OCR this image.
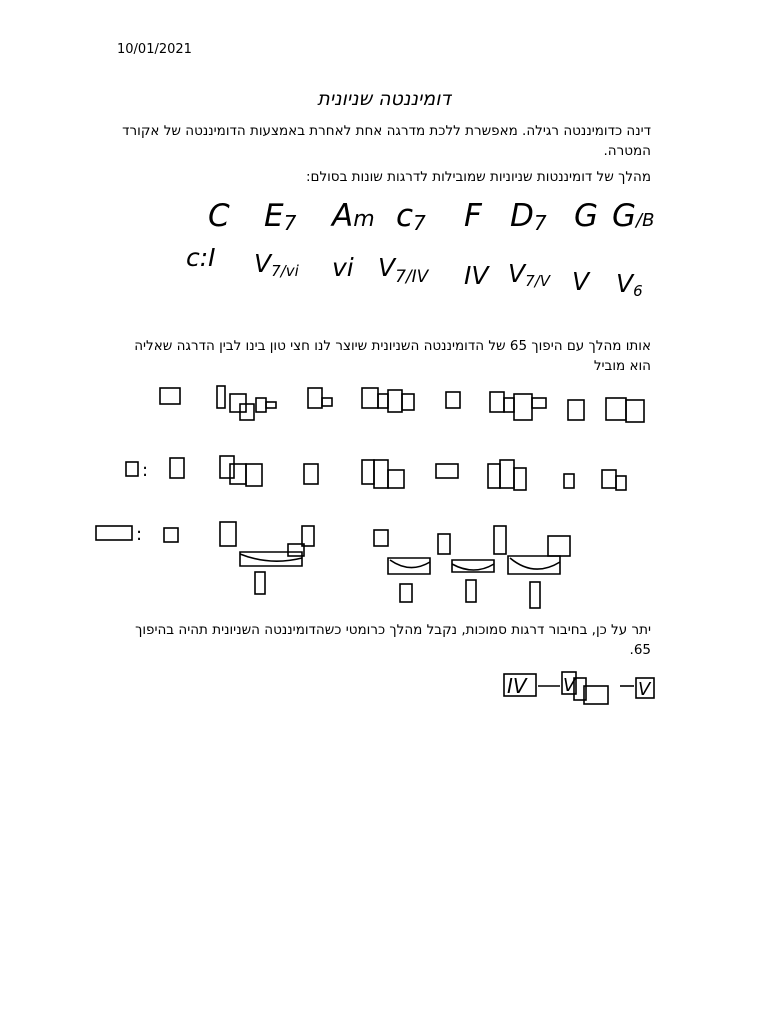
10/01/2021
דומיננטה שניונית
דינה כדומיננטה רגילה. מאפשרת ללכת מדרגה אחת לאחרת באמצעות הדומיננטה של אקורד המטרה.
מהלך של דומיננטות שניוניות שמובילות לדרגות שונות בסולם:
C E7 Am c7 F D7 G G/B
c:I V7/vi vi $V_{7/IV}$ IV V7/V V V6
אותו מהלך עם היפוך 65 של הדומיננטה השניונית שיוצר לנו חצי טון בינו לבין הדרגה שאליה הוא מוביל
:
:
יתר על כן, בחיבור דרגות סמוכות, נקבל מהלך כרומטי כשהדומיננטה השניונית תהיה בהיפוך 65.
IV V	V
